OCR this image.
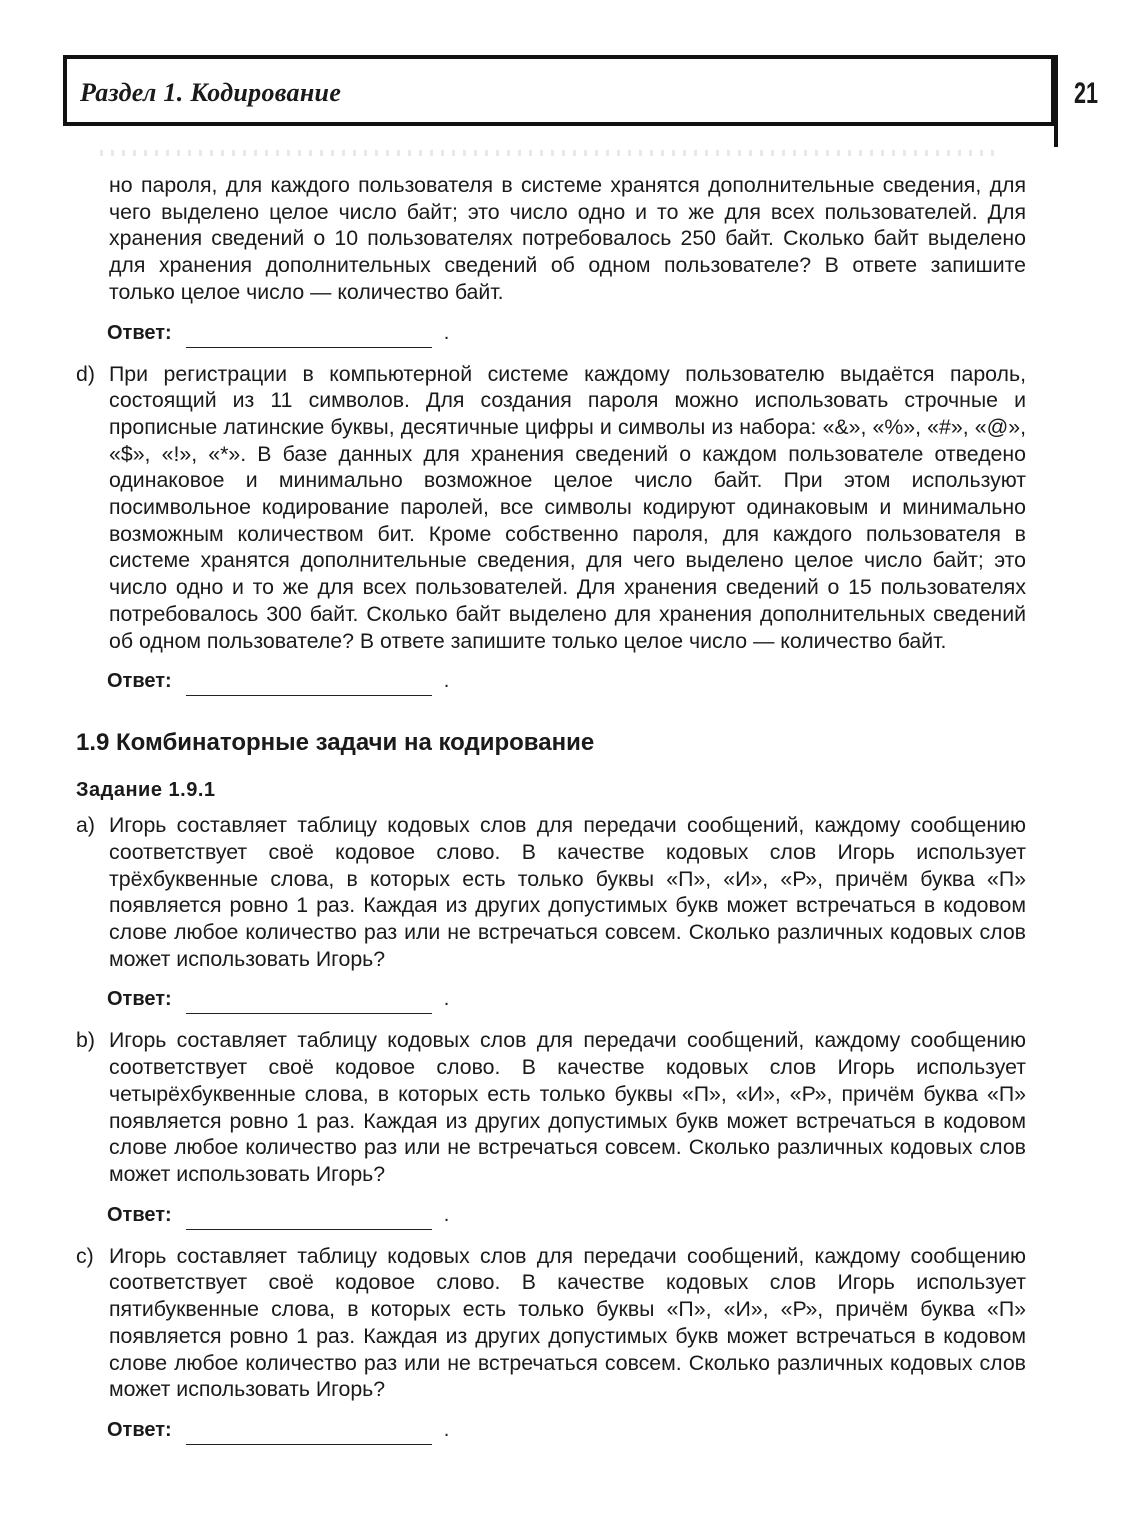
Раздел 1. Кодирование	21

но пароля, для каждого пользователя в системе хранятся дополнительные сведения, для чего выделено целое число байт; это число одно и то же для всех пользователей. Для хранения сведений о 10 пользователях потребовалось 250 байт. Сколько байт выделено для хранения дополнительных сведений об одном пользователе? В ответе запишите только целое число — количество байт.

Ответ:	.
d) При регистрации в компьютерной системе каждому пользователю выдаётся пароль, состоящий из 11 символов. Для создания пароля можно использовать строчные и прописные латинские буквы, десятичные цифры и символы из набора: «&», «%», «#», «@», «$», «!», «*». В базе данных для хранения сведений о каждом пользователе отведено одинаковое и минимально возможное целое число байт. При этом используют посимвольное кодирование паролей, все символы кодируют одинаковым и минимально возможным количеством бит. Кроме собственно пароля, для каждого пользователя в системе хранятся дополнительные сведения, для чего выделено целое число байт; это число одно и то же для всех пользователей. Для хранения сведений о 15 пользователях потребовалось 300 байт. Сколько байт выделено для хранения дополнительных сведений об одном пользователе? В ответе запишите только целое число — количество байт.

Ответ:	.
1.9 Комбинаторные задачи на кодирование
Задание 1.9.1
a) Игорь составляет таблицу кодовых слов для передачи сообщений, каждому сообщению соответствует своё кодовое слово. В качестве кодовых слов Игорь использует трёхбуквенные слова, в которых есть только буквы «П», «И», «Р», причём буква «П» появляется ровно 1 раз. Каждая из других допустимых букв может встречаться в кодовом слове любое количество раз или не встречаться совсем. Сколько различных кодовых слов может использовать Игорь?

Ответ:	.
b) Игорь составляет таблицу кодовых слов для передачи сообщений, каждому сообщению соответствует своё кодовое слово. В качестве кодовых слов Игорь использует четырёхбуквенные слова, в которых есть только буквы «П», «И», «Р», причём буква «П» появляется ровно 1 раз. Каждая из других допустимых букв может встречаться в кодовом слове любое количество раз или не встречаться совсем. Сколько различных кодовых слов может использовать Игорь?

Ответ:	.
c) Игорь составляет таблицу кодовых слов для передачи сообщений, каждому сообщению соответствует своё кодовое слово. В качестве кодовых слов Игорь использует пятибуквенные слова, в которых есть только буквы «П», «И», «Р», причём буква «П» появляется ровно 1 раз. Каждая из других допустимых букв может встречаться в кодовом слове любое количество раз или не встречаться совсем. Сколько различных кодовых слов может использовать Игорь?

Ответ:	.
